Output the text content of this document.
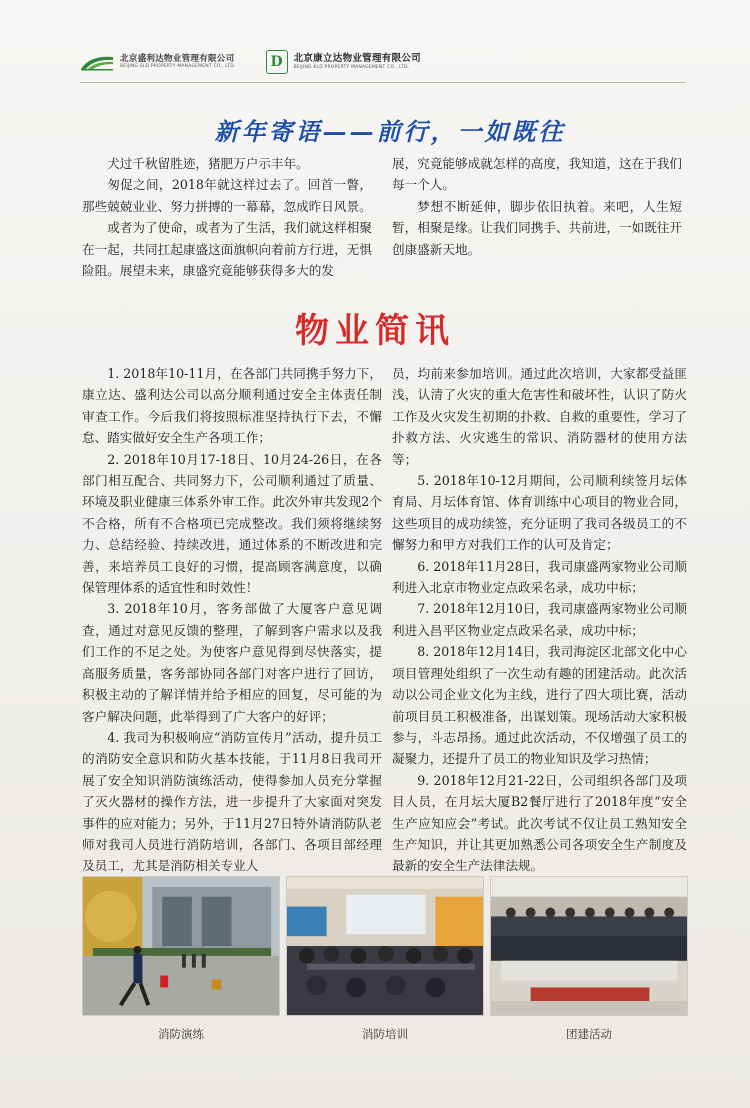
北京盛利达物业管理有限公司
BEIJING SLD PROPERTY MANAGEMENT CO., LTD.	D	北京康立达物业管理有限公司
BEIJING KLD PROPERTY MANAGEMENT CO., LTD.
新年寄语——前行，一如既往

犬过千秋留胜迹，猪肥万户示丰年。

匆促之间，2018年就这样过去了。回首一瞥，那些兢兢业业、努力拼搏的一幕幕，忽成昨日风景。

或者为了使命，或者为了生活，我们就这样相聚在一起，共同扛起康盛这面旗帜向着前方行进，无惧险阻。展望未来，康盛究竟能够获得多大的发

展，究竟能够成就怎样的高度，我知道，这在于我们每一个人。

梦想不断延伸，脚步依旧执着。来吧，人生短暂，相聚是缘。让我们同携手、共前进，一如既往开创康盛新天地。

物业简讯

1. 2018年10-11月，在各部门共同携手努力下，康立达、盛利达公司以高分顺利通过安全主体责任制审查工作。今后我们将按照标准坚持执行下去，不懈怠、踏实做好安全生产各项工作；

2. 2018年10月17-18日、10月24-26日，在各部门相互配合、共同努力下，公司顺利通过了质量、环境及职业健康三体系外审工作。此次外审共发现2个不合格，所有不合格项已完成整改。我们须将继续努力、总结经验、持续改进，通过体系的不断改进和完善，来培养员工良好的习惯，提高顾客满意度，以确保管理体系的适宜性和时效性！

3. 2018年10月，客务部做了大厦客户意见调查，通过对意见反馈的整理，了解到客户需求以及我们工作的不足之处。为使客户意见得到尽快落实，提高服务质量，客务部协同各部门对客户进行了回访，积极主动的了解详情并给予相应的回复，尽可能的为客户解决问题，此举得到了广大客户的好评；

4. 我司为积极响应“消防宣传月”活动，提升员工的消防安全意识和防火基本技能，于11月8日我司开展了安全知识消防演练活动，使得参加人员充分掌握了灭火器材的操作方法，进一步提升了大家面对突发事件的应对能力；另外，于11月27日特外请消防队老师对我司人员进行消防培训，各部门、各项目部经理及员工，尤其是消防相关专业人

员，均前来参加培训。通过此次培训，大家都受益匪浅，认清了火灾的重大危害性和破坏性，认识了防火工作及火灾发生初期的扑救、自救的重要性，学习了扑救方法、火灾逃生的常识、消防器材的使用方法等；

5. 2018年10-12月期间，公司顺利续签月坛体育局、月坛体育馆、体育训练中心项目的物业合同，这些项目的成功续签，充分证明了我司各级员工的不懈努力和甲方对我们工作的认可及肯定；

6. 2018年11月28日，我司康盛两家物业公司顺利进入北京市物业定点政采名录，成功中标；

7. 2018年12月10日，我司康盛两家物业公司顺利进入昌平区物业定点政采名录，成功中标；

8. 2018年12月14日，我司海淀区北部文化中心项目管理处组织了一次生动有趣的团建活动。此次活动以公司企业文化为主线，进行了四大项比赛，活动前项目员工积极准备，出谋划策。现场活动大家积极参与，斗志昂扬。通过此次活动，不仅增强了员工的凝聚力，还提升了员工的物业知识及学习热情；

9. 2018年12月21-22日，公司组织各部门及项目人员，在月坛大厦B2餐厅进行了2018年度“安全生产应知应会”考试。此次考试不仅让员工熟知安全生产知识，并让其更加熟悉公司各项安全生产制度及最新的安全生产法律法规。

消防演练	消防培训	团建活动
